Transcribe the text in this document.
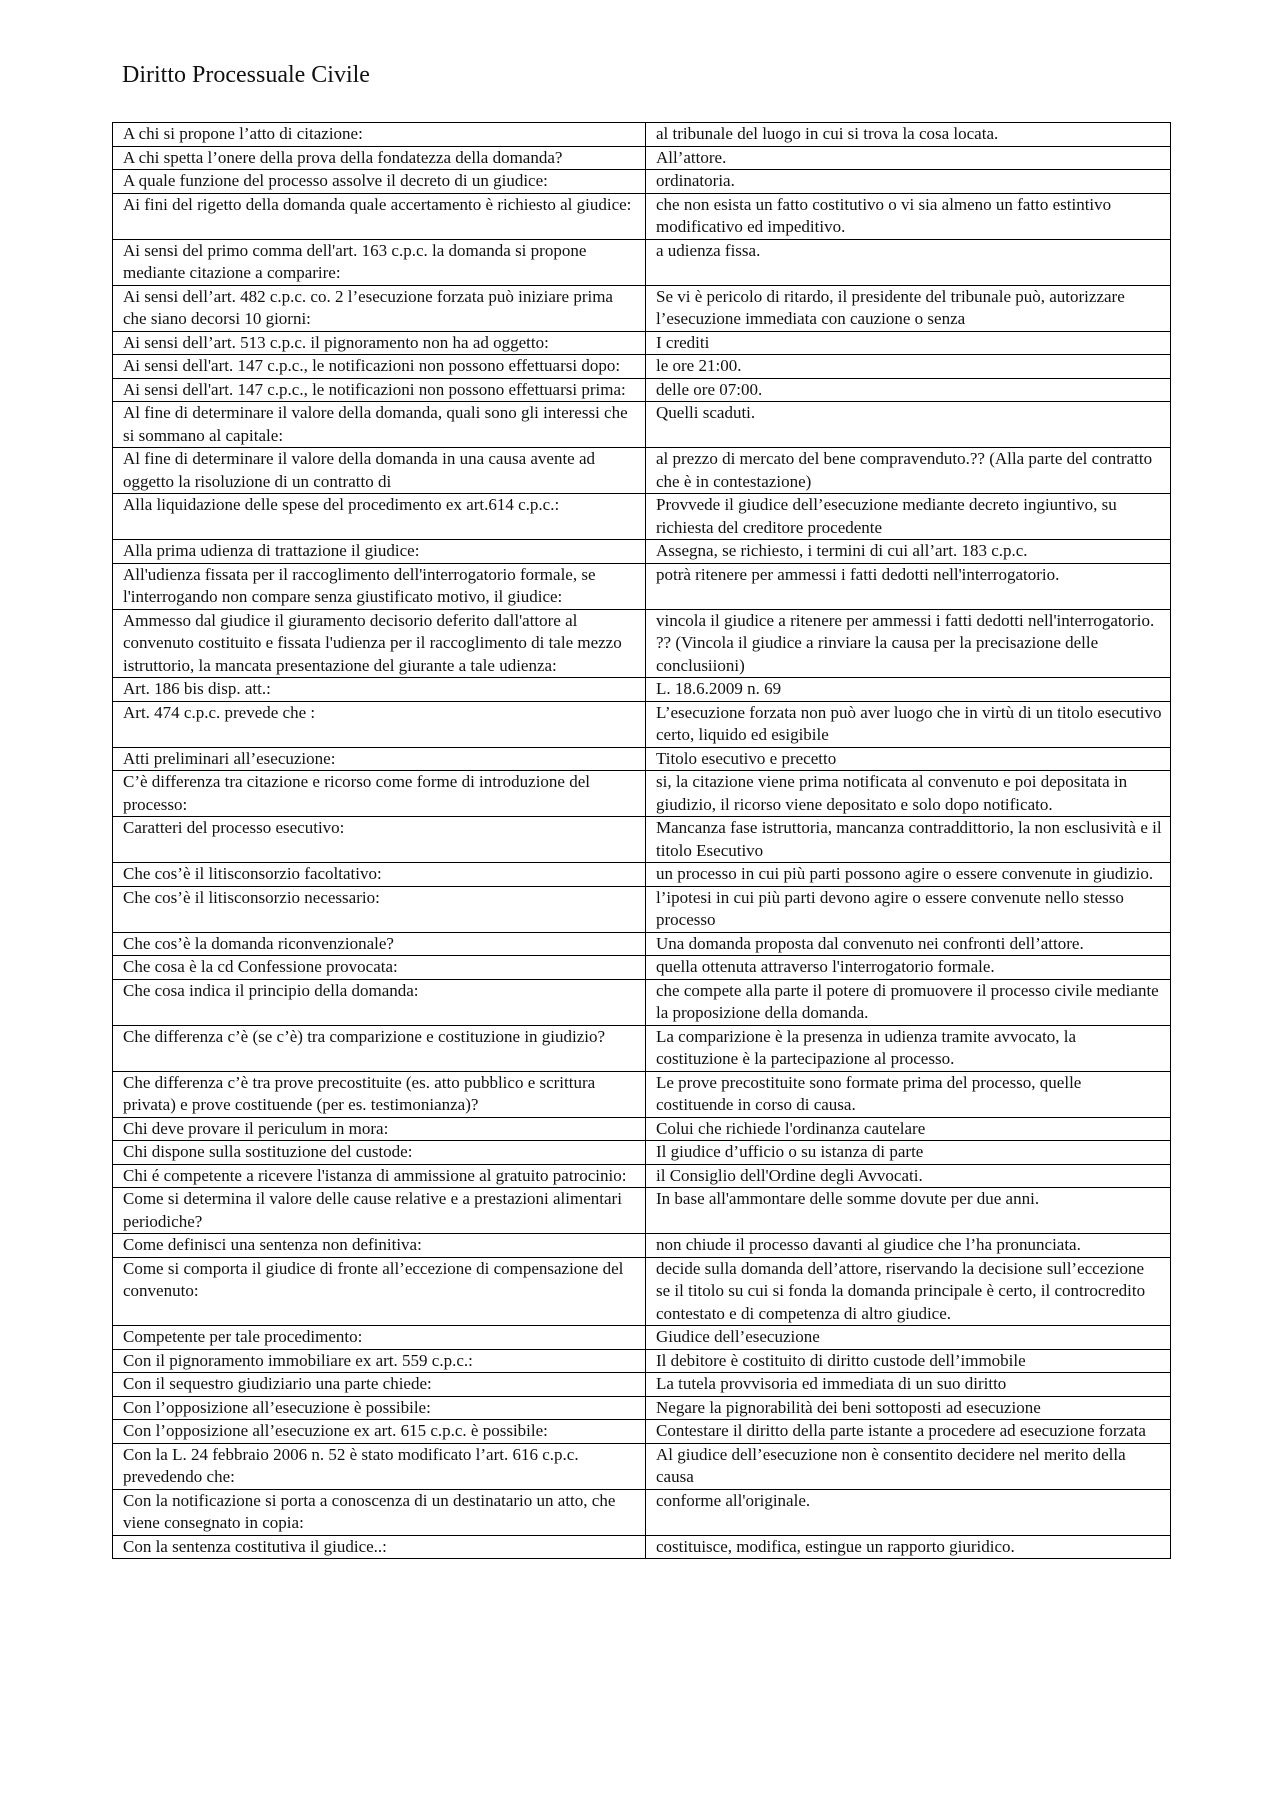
Diritto Processuale Civile
A chi si propone l’atto di citazione:	al tribunale del luogo in cui si trova la cosa locata.
A chi spetta l’onere della prova della fondatezza della domanda?	All’attore.
A quale funzione del processo assolve il decreto di un giudice:	ordinatoria.
Ai fini del rigetto della domanda quale accertamento è richiesto al giudice:	che non esista un fatto costitutivo o vi sia almeno un fatto estintivo modificativo ed impeditivo.
Ai sensi del primo comma dell'art. 163 c.p.c. la domanda si propone mediante citazione a comparire:	a udienza fissa.
Ai sensi dell’art. 482 c.p.c. co. 2 l’esecuzione forzata può iniziare prima che siano decorsi 10 giorni:	Se vi è pericolo di ritardo, il presidente del tribunale può, autorizzare l’esecuzione immediata con cauzione o senza
Ai sensi dell’art. 513 c.p.c. il pignoramento non ha ad oggetto:	I crediti
Ai sensi dell'art. 147 c.p.c., le notificazioni non possono effettuarsi dopo:	le ore 21:00.
Ai sensi dell'art. 147 c.p.c., le notificazioni non possono effettuarsi prima:	delle ore 07:00.
Al fine di determinare il valore della domanda, quali sono gli interessi che si sommano al capitale:	Quelli scaduti.
Al fine di determinare il valore della domanda in una causa avente ad oggetto la risoluzione di un contratto di	al prezzo di mercato del bene compravenduto.?? (Alla parte del contratto che è in contestazione)
Alla liquidazione delle spese del procedimento ex art.614 c.p.c.:	Provvede il giudice dell’esecuzione mediante decreto ingiuntivo, su richiesta del creditore procedente
Alla prima udienza di trattazione il giudice:	Assegna, se richiesto, i termini di cui all’art. 183 c.p.c.
All'udienza fissata per il raccoglimento dell'interrogatorio formale, se l'interrogando non compare senza giustificato motivo, il giudice:	potrà ritenere per ammessi i fatti dedotti nell'interrogatorio.
Ammesso dal giudice il giuramento decisorio deferito dall'attore al convenuto costituito e fissata l'udienza per il raccoglimento di tale mezzo istruttorio, la mancata presentazione del giurante a tale udienza:	vincola il giudice a ritenere per ammessi i fatti dedotti nell'interrogatorio. ?? (Vincola il giudice a rinviare la causa per la precisazione delle conclusiioni)
Art. 186 bis disp. att.:	L. 18.6.2009 n. 69
Art. 474 c.p.c. prevede che :	L’esecuzione forzata non può aver luogo che in virtù di un titolo esecutivo certo, liquido ed esigibile
Atti preliminari all’esecuzione:	Titolo esecutivo e precetto
C’è differenza tra citazione e ricorso come forme di introduzione del processo:	si, la citazione viene prima notificata al convenuto e poi depositata in giudizio, il ricorso viene depositato e solo dopo notificato.
Caratteri del processo esecutivo:	Mancanza fase istruttoria, mancanza contraddittorio, la non esclusività e il titolo Esecutivo
Che cos’è il litisconsorzio facoltativo:	un processo in cui più parti possono agire o essere convenute in giudizio.
Che cos’è il litisconsorzio necessario:	l’ipotesi in cui più parti devono agire o essere convenute nello stesso processo
Che cos’è la domanda riconvenzionale?	Una domanda proposta dal convenuto nei confronti dell’attore.
Che cosa è la cd Confessione provocata:	quella ottenuta attraverso l'interrogatorio formale.
Che cosa indica il principio della domanda:	che compete alla parte il potere di promuovere il processo civile mediante la proposizione della domanda.
Che differenza c’è (se c’è) tra comparizione e costituzione in giudizio?	La comparizione è la presenza in udienza tramite avvocato, la costituzione è la partecipazione al processo.
Che differenza c’è tra prove precostituite (es. atto pubblico e scrittura privata) e prove costituende (per es. testimonianza)?	Le prove precostituite sono formate prima del processo, quelle costituende in corso di causa.
Chi deve provare il periculum in mora:	Colui che richiede l'ordinanza cautelare
Chi dispone sulla sostituzione del custode:	Il giudice d’ufficio o su istanza di parte
Chi é competente a ricevere l'istanza di ammissione al gratuito patrocinio:	il Consiglio dell'Ordine degli Avvocati.
Come si determina il valore delle cause relative e a prestazioni alimentari periodiche?	In base all'ammontare delle somme dovute per due anni.
Come definisci una sentenza non definitiva:	non chiude il processo davanti al giudice che l’ha pronunciata.
Come si comporta il giudice di fronte all’eccezione di compensazione del convenuto:	decide sulla domanda dell’attore, riservando la decisione sull’eccezione se il titolo su cui si fonda la domanda principale è certo, il controcredito contestato e di competenza di altro giudice.
Competente per tale procedimento:	Giudice dell’esecuzione
Con il pignoramento immobiliare ex art. 559 c.p.c.:	Il debitore è costituito di diritto custode dell’immobile
Con il sequestro giudiziario una parte chiede:	La tutela provvisoria ed immediata di un suo diritto
Con l’opposizione all’esecuzione è possibile:	Negare la pignorabilità dei beni sottoposti ad esecuzione
Con l’opposizione all’esecuzione ex art. 615 c.p.c. è possibile:	Contestare il diritto della parte istante a procedere ad esecuzione forzata
Con la L. 24 febbraio 2006 n. 52 è stato modificato l’art. 616 c.p.c. prevedendo che:	Al giudice dell’esecuzione non è consentito decidere nel merito della causa
Con la notificazione si porta a conoscenza di un destinatario un atto, che viene consegnato in copia:	conforme all'originale.
Con la sentenza costitutiva il giudice..:	costituisce, modifica, estingue un rapporto giuridico.
